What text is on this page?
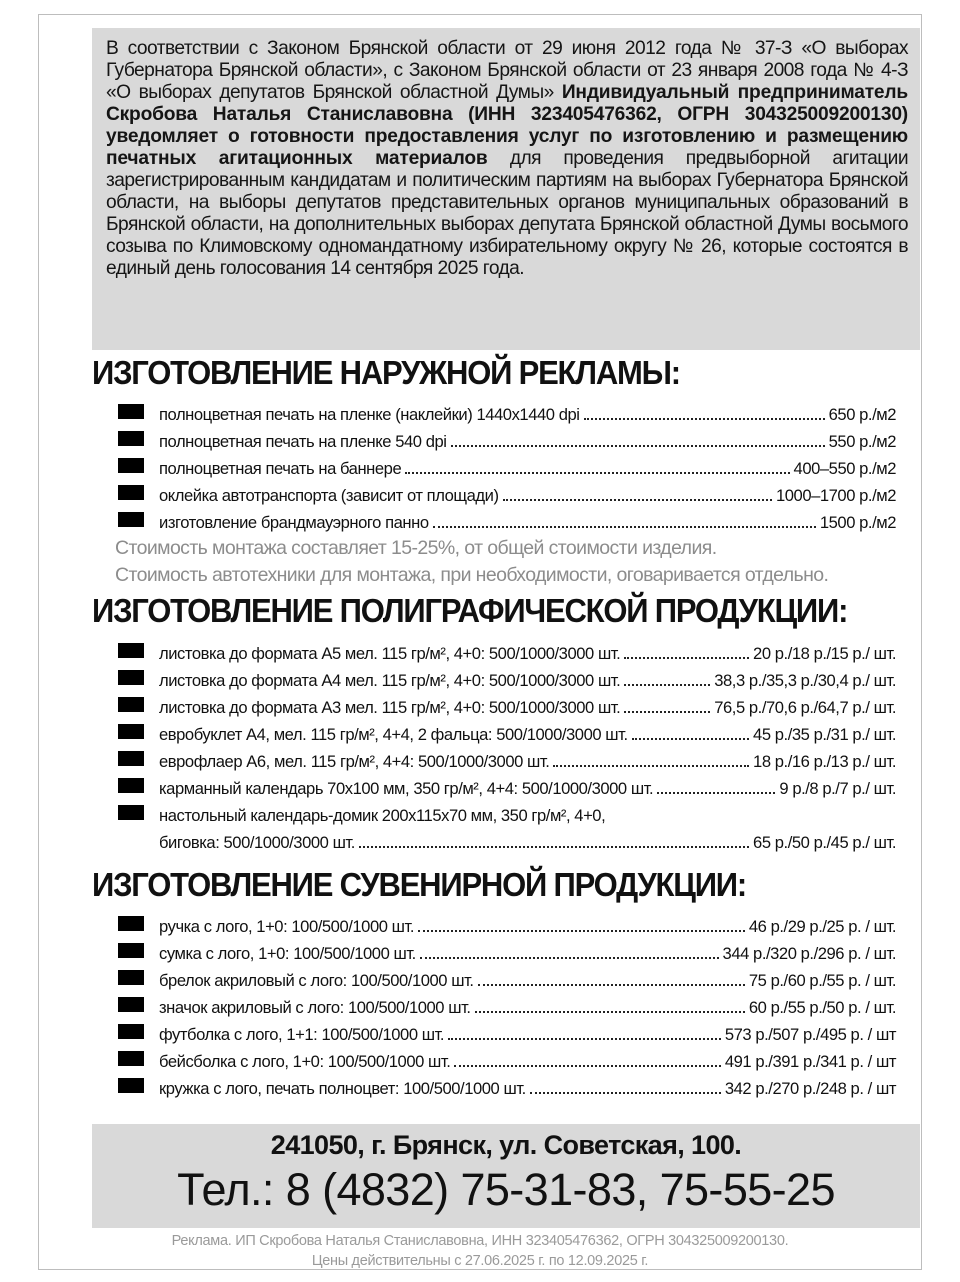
В соответствии с Законом Брянской области от 29 июня 2012 года № 37-З «О выборах Губернатора Брянской области», с Законом Брянской области от 23 января 2008 года № 4-З «О выборах депутатов Брянской областной Думы» Индивидуальный предприниматель Скробова Наталья Станиславовна (ИНН 323405476362, ОГРН 304325009200130) уведомляет о готовности предоставления услуг по изготовлению и размещению печатных агитационных материалов для проведения предвыборной агитации зарегистрированным кандидатам и политическим партиям на выборах Губернатора Брянской области, на выборы депутатов представительных органов муниципальных образований в Брянской области, на дополнительных выборах депутата Брянской областной Думы восьмого созыва по Климовскому одномандатному избирательному округу № 26, которые состоятся в единый день голосования 14 сентября 2025 года.
ИЗГОТОВЛЕНИЕ НАРУЖНОЙ РЕКЛАМЫ:
полноцветная печать на пленке (наклейки) 1440x1440 dpi	650 р./м2
полноцветная печать на пленке 540 dpi	550 р./м2
полноцветная печать на баннере	400–550 р./м2
оклейка автотранспорта (зависит от площади)	1000–1700 р./м2
изготовление брандмауэрного панно	1500 р./м2
Стоимость монтажа составляет 15-25%, от общей стоимости изделия.
Стоимость автотехники для монтажа, при необходимости, оговаривается отдельно.
ИЗГОТОВЛЕНИЕ ПОЛИГРАФИЧЕСКОЙ ПРОДУКЦИИ:
листовка до формата А5 мел. 115 гр/м², 4+0: 500/1000/3000 шт.	20 р./18 р./15 р./ шт.
листовка до формата А4 мел. 115 гр/м², 4+0: 500/1000/3000 шт.	38,3 р./35,3 р./30,4 р./ шт.
листовка до формата А3 мел. 115 гр/м², 4+0: 500/1000/3000 шт.	76,5 р./70,6 р./64,7 р./ шт.
евробуклет А4, мел. 115 гр/м², 4+4, 2 фальца: 500/1000/3000 шт.	45 р./35 р./31 р./ шт.
еврофлаер А6, мел. 115 гр/м², 4+4: 500/1000/3000 шт.	18 р./16 р./13 р./ шт.
карманный календарь 70x100 мм, 350 гр/м², 4+4: 500/1000/3000 шт.	9 р./8 р./7 р./ шт.
настольный календарь-домик 200x115x70 мм, 350 гр/м², 4+0,
биговка: 500/1000/3000 шт.	65 р./50 р./45 р./ шт.
ИЗГОТОВЛЕНИЕ СУВЕНИРНОЙ ПРОДУКЦИИ:
ручка с лого, 1+0: 100/500/1000 шт.	46 р./29 р./25 р. / шт.
сумка с лого, 1+0: 100/500/1000 шт.	344 р./320 р./296 р. / шт.
брелок акриловый с лого: 100/500/1000 шт.	75 р./60 р./55 р. / шт.
значок акриловый с лого: 100/500/1000 шт.	60 р./55 р./50 р. / шт.
футболка с лого, 1+1: 100/500/1000 шт.	573 р./507 р./495 р. / шт
бейсболка с лого, 1+0: 100/500/1000 шт.	491 р./391 р./341 р. / шт
кружка с лого, печать полноцвет: 100/500/1000 шт.	342 р./270 р./248 р. / шт
241050, г. Брянск, ул. Советская, 100.
Тел.: 8 (4832) 75-31-83, 75-55-25
Реклама. ИП Скробова Наталья Станиславовна, ИНН 323405476362, ОГРН 304325009200130.
Цены действительны с 27.06.2025 г. по 12.09.2025 г.
